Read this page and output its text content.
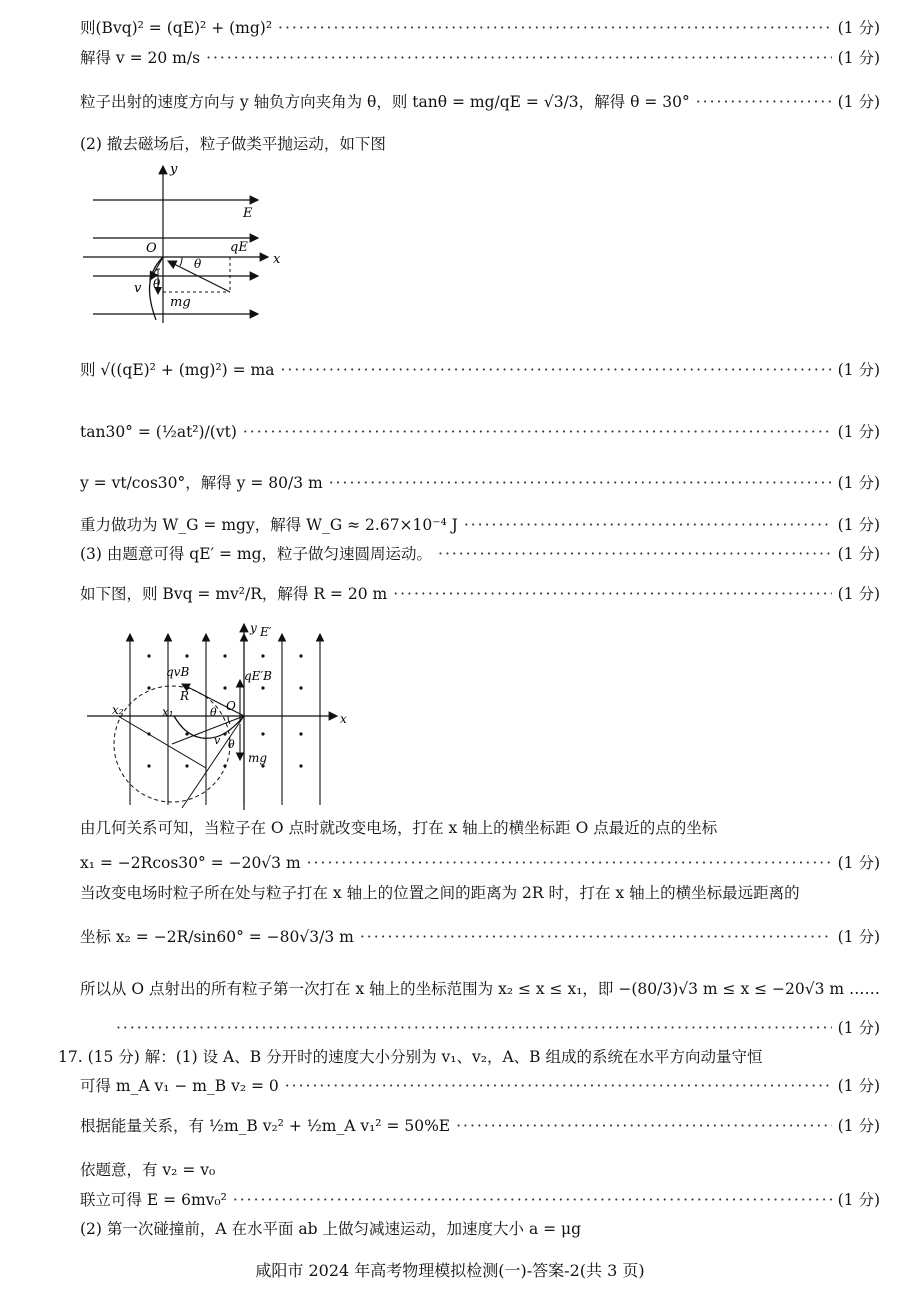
则(Bvq)² = (qE)² + (mg)² ·····	(1 分)
解得 v = 20 m/s ·····	(1 分)
粒子出射的速度方向与 y 轴负方向夹角为 θ，则 tanθ = mg/qE = √3/3，解得 θ = 30° ·····	(1 分)
(2) 撤去磁场后，粒子做类平抛运动，如下图
y
x
E
O	qE
θ
θ
v
mg
则 √((qE)² + (mg)²) = ma ·····	(1 分)
tan30° = (½at²)/(vt) ·····	(1 分)
y = vt/cos30°，解得 y = 80/3 m ·····	(1 分)
重力做功为 W_G = mgy，解得 W_G ≈ 2.67×10⁻⁴ J ·····	(1 分)
(3) 由题意可得 qE′ = mg，粒子做匀速圆周运动。 ·····	(1 分)
如下图，则 Bvq = mv²/R，解得 R = 20 m ·····	(1 分)
y E′
x
qvB	qE′B
O
R
x₂	x₁	θ
θ
v
mg
由几何关系可知，当粒子在 O 点时就改变电场，打在 x 轴上的横坐标距 O 点最近的点的坐标
x₁ = −2Rcos30° = −20√3 m ·····	(1 分)
当改变电场时粒子所在处与粒子打在 x 轴上的位置之间的距离为 2R 时，打在 x 轴上的横坐标最远距离的
坐标 x₂ = −2R/sin60° = −80√3/3 m ·····	(1 分)
所以从 O 点射出的所有粒子第一次打在 x 轴上的坐标范围为 x₂ ≤ x ≤ x₁，即 −(80/3)√3 m ≤ x ≤ −20√3 m ……
·····
(1 分)
17. (15 分) 解：(1) 设 A、B 分开时的速度大小分别为 v₁、v₂，A、B 组成的系统在水平方向动量守恒
可得 m_A v₁ − m_B v₂ = 0 ·····	(1 分)
根据能量关系，有 ½m_B v₂² + ½m_A v₁² = 50%E ·····	(1 分)
依题意，有 v₂ = v₀
联立可得 E = 6mv₀² ·····	(1 分)
(2) 第一次碰撞前，A 在水平面 ab 上做匀减速运动，加速度大小 a = μg
咸阳市 2024 年高考物理模拟检测(一)-答案-2(共 3 页)
